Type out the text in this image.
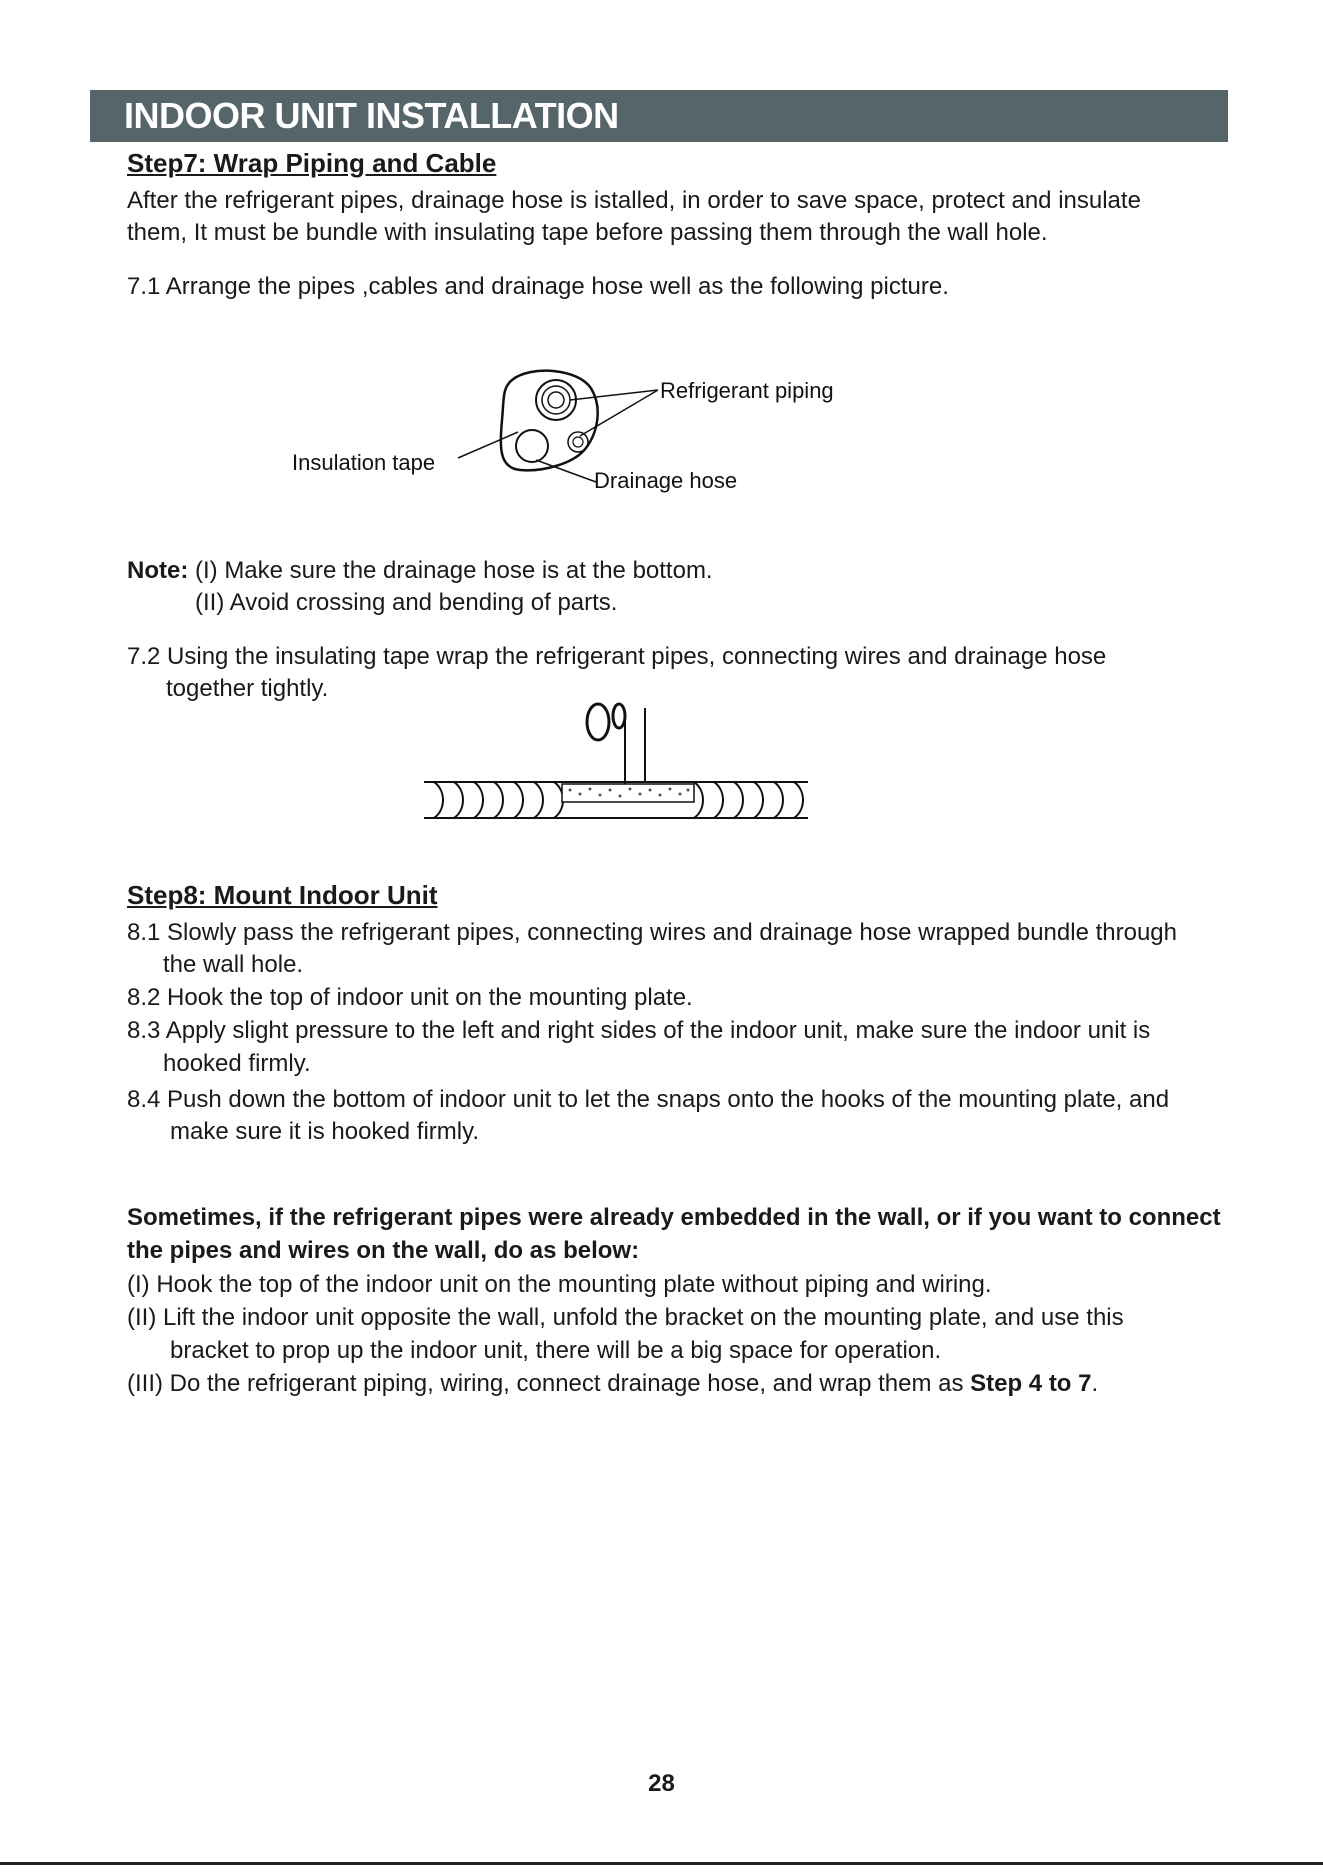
INDOOR UNIT INSTALLATION
Step7: Wrap Piping and Cable
After the refrigerant pipes, drainage hose is istalled, in order to save space, protect and insulate
them, It must be bundle with insulating tape before passing them through the wall hole.
7.1 Arrange the pipes ,cables and drainage hose well as the following picture.
Refrigerant piping
Insulation tape
Drainage hose
Note: (I) Make sure the drainage hose is at the bottom.
(II) Avoid crossing and bending of parts.
7.2 Using the insulating tape wrap the refrigerant pipes, connecting wires and drainage hose
together tightly.
Step8: Mount Indoor Unit
8.1 Slowly pass the refrigerant pipes, connecting wires and drainage hose wrapped bundle through
the wall hole.
8.2 Hook the top of indoor unit on the mounting plate.
8.3 Apply slight pressure to the left and right sides of the indoor unit, make sure the indoor unit is
hooked firmly.
8.4 Push down the bottom of indoor unit to let the snaps onto the hooks of the mounting plate, and
make sure it is hooked firmly.
Sometimes, if the refrigerant pipes were already embedded in the wall, or if you want to connect
the pipes and wires on the wall, do as below:
(I) Hook the top of the indoor unit on the mounting plate without piping and wiring.
(II) Lift the indoor unit opposite the wall, unfold the bracket on the mounting plate, and use this
bracket to prop up the indoor unit, there will be a big space for operation.
(III) Do the refrigerant piping, wiring, connect drainage hose, and wrap them as Step 4 to 7.
28
